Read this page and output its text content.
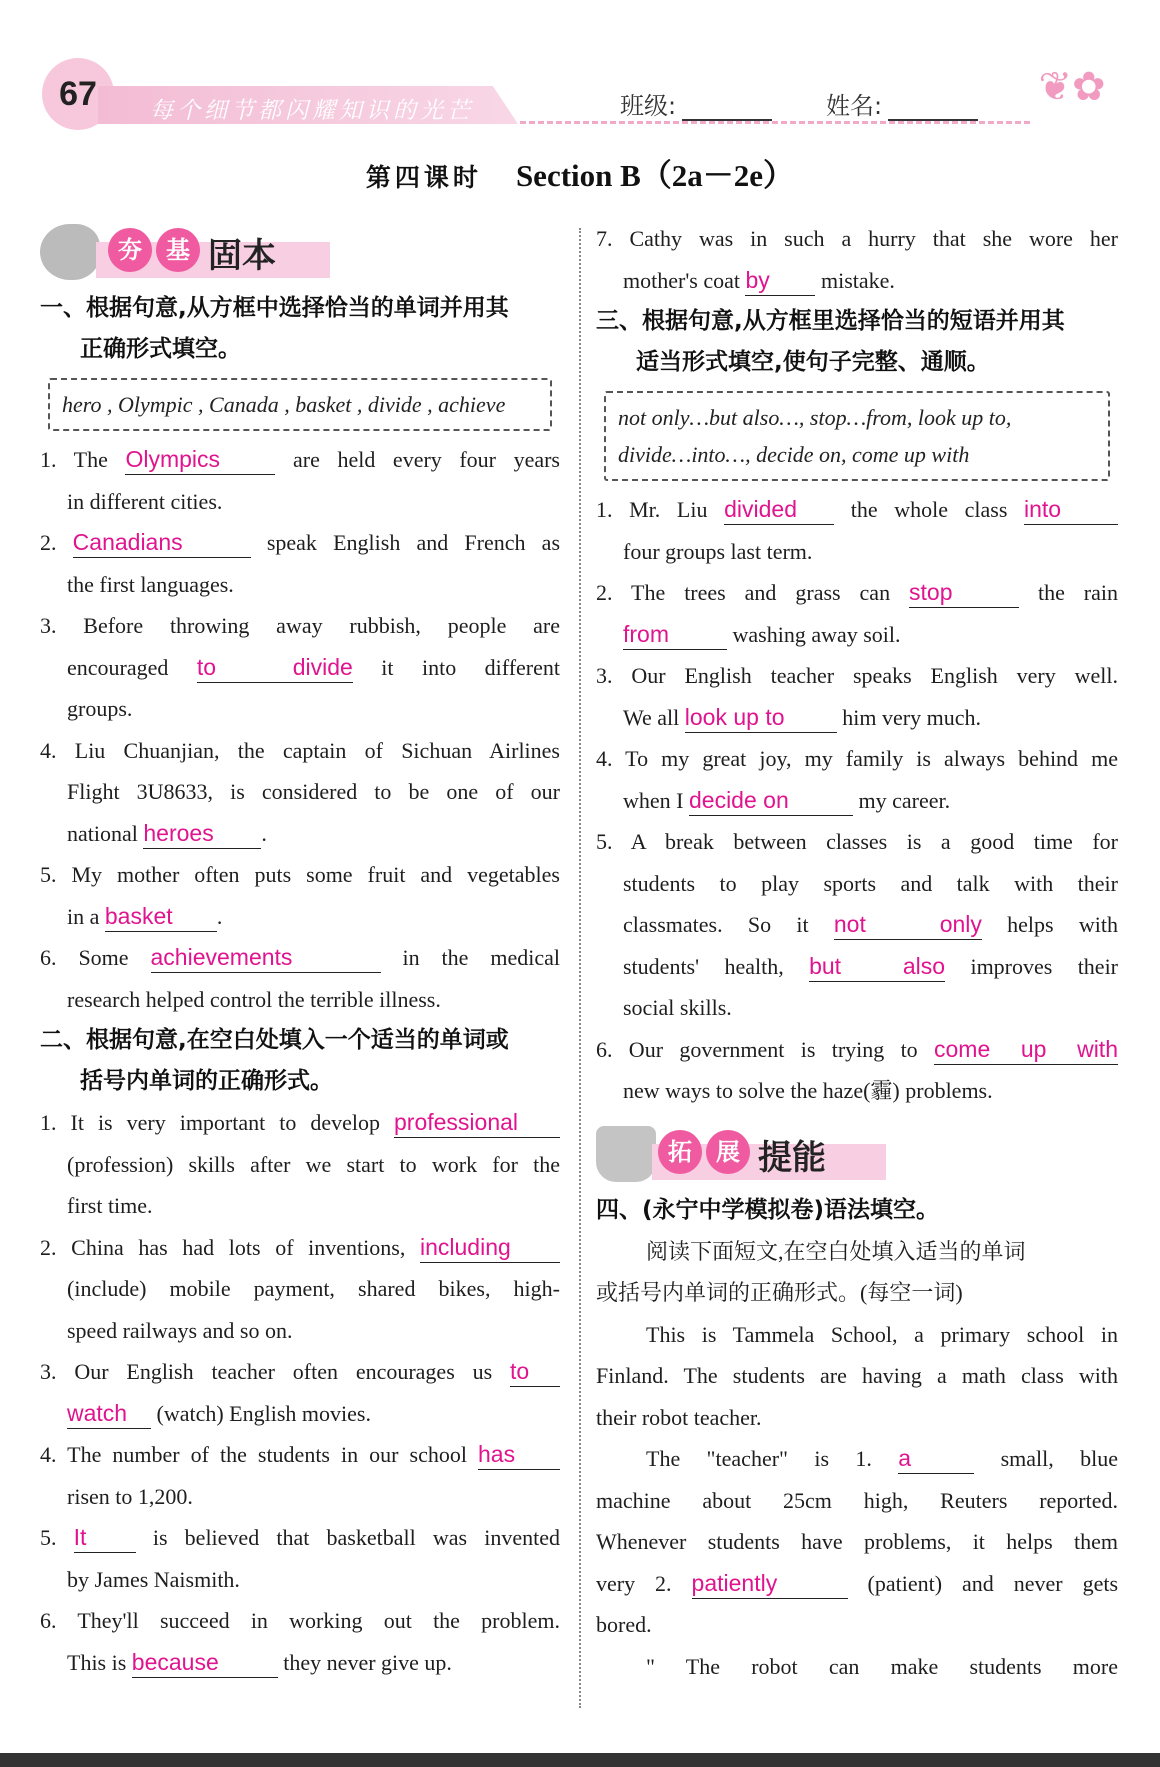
67	每个细节都闪耀知识的光芒	班级:	姓名:	❦✿
第四课时 Section B（2a－2e）
夯	基 固本
一、根据句意,从方框中选择恰当的单词并用其
正确形式填空。
hero , Olympic , Canada , basket , divide , achieve
1. The Olympics	are held every four years
in different cities.
2. Canadians	speak English and French as
the first languages.
3. Before throwing away rubbish, people are
encouraged to divide it into different
groups.
4. Liu Chuanjian, the captain of Sichuan Airlines
Flight 3U8633, is considered to be one of our
national heroes .
5. My mother often puts some fruit and vegetables
in a basket .
6. Some achievements	in the medical
research helped control the terrible illness.
二、根据句意,在空白处填入一个适当的单词或
括号内单词的正确形式。
1. It is very important to develop professional
(profession) skills after we start to work for the
first time.
2. China has had lots of inventions, including
(include) mobile payment, shared bikes, high-
speed railways and so on.
3. Our English teacher often encourages us to
watch (watch) English movies.
4. The number of the students in our school has
risen to 1,200.
5. It	is believed that basketball was invented
by James Naismith.
6. They'll succeed in working out the problem.
This is because	they never give up.
7. Cathy was in such a hurry that she wore her
mother's coat by mistake.
三、根据句意,从方框里选择恰当的短语并用其
适当形式填空,使句子完整、通顺。
not only…but also…, stop…from, look up to,
divide…into…, decide on, come up with
1. Mr. Liu divided the whole class into
four groups last term.
2. The trees and grass can stop	the rain
from	washing away soil.
3. Our English teacher speaks English very well.
We all look up to	him very much.
4. To my great joy, my family is always behind me
when I decide on	my career.
5. A break between classes is a good time for
students to play sports and talk with their
classmates. So it not only helps with
students' health, but also improves their
social skills.
6. Our government is trying to come up with
new ways to solve the haze(霾) problems.
拓	展 提能
四、(永宁中学模拟卷)语法填空。
阅读下面短文,在空白处填入适当的单词
或括号内单词的正确形式。(每空一词)
This is Tammela School, a primary school in
Finland. The students are having a math class with
their robot teacher.
The "teacher" is 1. a	small, blue
machine about 25cm high, Reuters reported.
Whenever students have problems, it helps them
very 2. patiently	(patient) and never gets
bored.
" The robot can make students more
